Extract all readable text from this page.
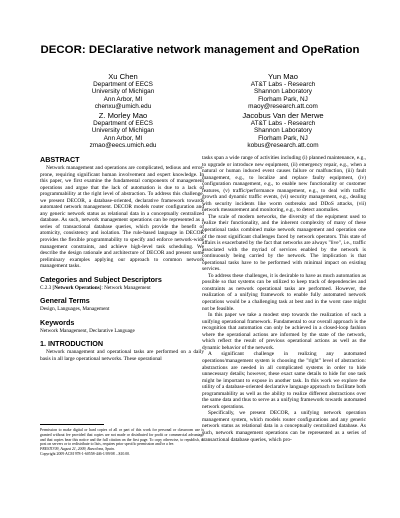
DECOR: DEClarative network management and OpeRation
Xu Chen
Department of EECS
University of Michigan
Ann Arbor, MI
chenxu@umich.edu
Yun Mao
AT&T Labs - Research
Shannon Laboratory
Florham Park, NJ
maoy@research.att.com
Z. Morley Mao
Department of EECS
University of Michigan
Ann Arbor, MI
zmao@eecs.umich.edu
Jacobus Van der Merwe
AT&T Labs - Research
Shannon Laboratory
Florham Park, NJ
kobus@research.att.com
ABSTRACT

Network management and operations are complicated, tedious and error-prone, requiring significant human involvement and expert knowledge. In this paper, we first examine the fundamental components of management operations and argue that the lack of automation is due to a lack of programmability at the right level of abstraction. To address this challenge, we present DECOR, a database-oriented, declarative framework towards automated network management. DECOR models router configuration and any generic network status as relational data in a conceptually centralized database. As such, network management operations can be represented as a series of transactional database queries, which provide the benefit of atomicity, consistency and isolation. The rule-based language in DECOR provides the flexible programmability to specify and enforce network-wide management constraints, and achieve high-level task scheduling. We describe the design rationale and architecture of DECOR and present some preliminary examples applying our approach to common network management tasks.

Categories and Subject Descriptors

C.2.3 [Network Operations]: Network Management

General Terms

Design, Languages, Management

Keywords

Network Management, Declarative Language

1. INTRODUCTION

Network management and operational tasks are performed on a daily basis in all large operational networks. These operational

Permission to make digital or hard copies of all or part of this work for personal or classroom use is granted without fee provided that copies are not made or distributed for profit or commercial advantage and that copies bear this notice and the full citation on the first page. To copy otherwise, to republish, to post on servers or to redistribute to lists, requires prior specific permission and/or a fee.
PRESTO'09, August 21, 2009, Barcelona, Spain.
Copyright 2009 ACM 978-1-60558-446-1/09/08 ...$10.00.

tasks span a wide range of activities including (i) planned maintenance, e.g., to upgrade or introduce new equipment, (ii) emergency repair, e.g., when a natural or human induced event causes failure or malfunction, (iii) fault management, e.g., to localize and replace faulty equipment, (iv) configuration management, e.g., to enable new functionality or customer features, (v) traffic/performance management, e.g., to deal with traffic growth and dynamic traffic events, (vi) security management, e.g., dealing with security incidents like worm outbreaks and DDoS attacks, (vii) network measurement and monitoring, e.g., to detect anomalies.

The scale of modern networks, the diversity of the equipment used to realize their functionality, and the inherent complexity of many of these operational tasks combined make network management and operation one of the most significant challenges faced by network operators. This state of affairs is exacerbated by the fact that networks are always "live", i.e., traffic associated with the myriad of services enabled by the network is continuously being carried by the network. The implication is that operational tasks have to be performed with minimal impact on existing services.

To address these challenges, it is desirable to have as much automation as possible so that systems can be utilized to keep track of dependencies and constraints as network operational tasks are performed. However, the realization of a unifying framework to enable fully automated network operations would be a challenging task at best and in the worst case might not be feasible.

In this paper we take a modest step towards the realization of such a unifying operational framework. Fundamental to our overall approach is the recognition that automation can only be achieved in a closed-loop fashion where the operational actions are informed by the state of the network, which reflect the result of previous operational actions as well as the dynamic behavior of the network.

A significant challenge in realizing any automated operations/management system is choosing the "right" level of abstraction: abstractions are needed in all complicated systems in order to hide unnecessary details; however, these exact same details to hide for one task might be important to expose in another task. In this work we explore the utility of a database-oriented declarative language approach to facilitate both programmability as well as the ability to realize different abstractions over the same data and thus to serve as a unifying framework towards automated network operations.

Specifically, we present DECOR, a unifying network operation management system, which models router configurations and any generic network status as relational data in a conceptually centralized database. As such, network management operations can be represented as a series of transactional database queries, which pro-
